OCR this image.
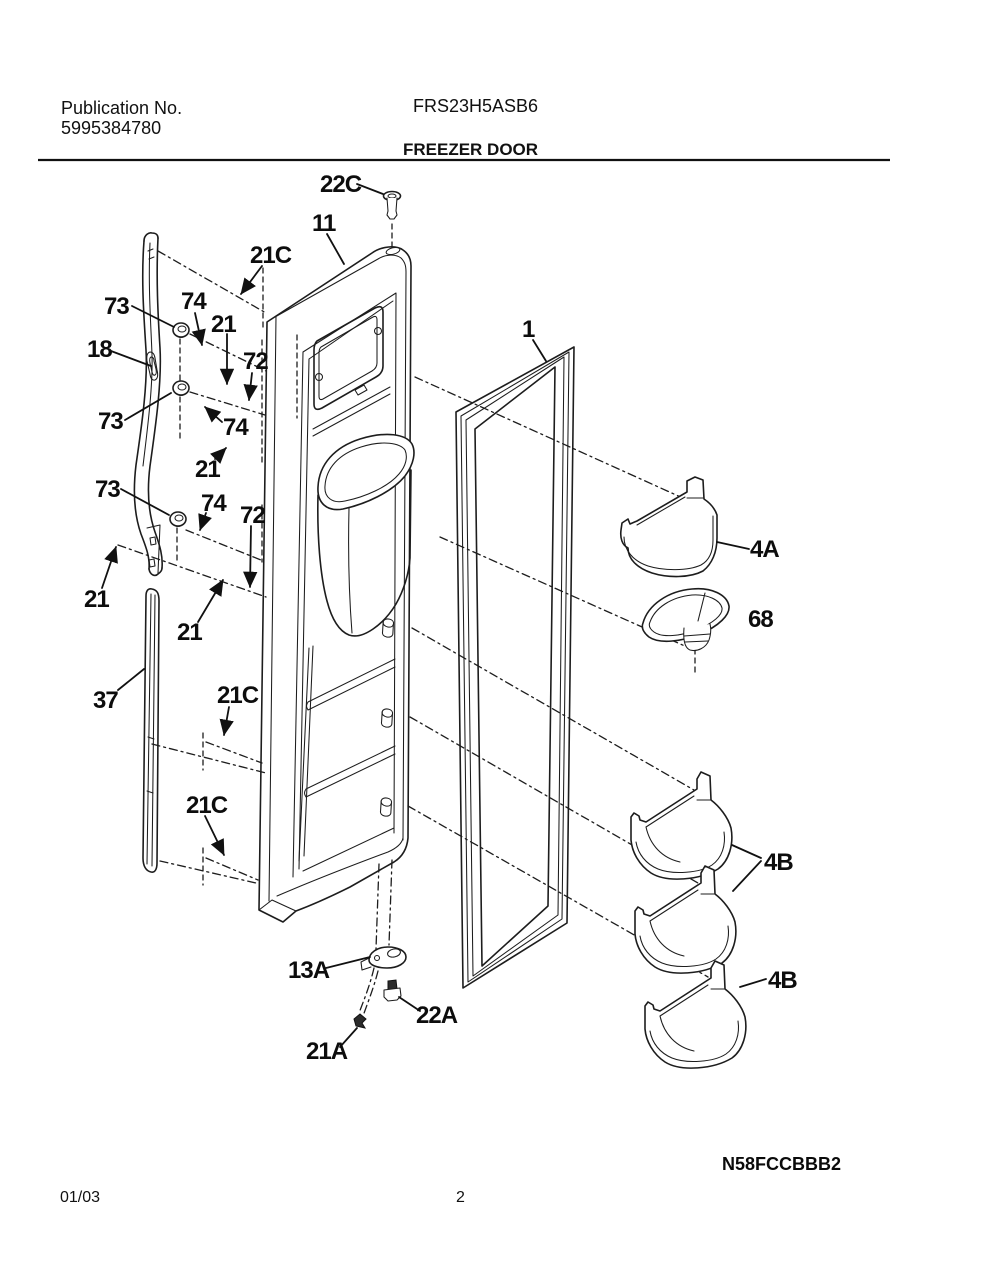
Publication No.
5995384780
FRS23H5ASB6
FREEZER DOOR
22C
11
21C
73 74
21
18	72
73	74
21
73
74 72
21
21
37	21C
21C
13A
22A
21A
1
4A
68
4B
4B
N58FCCBBB2
01/03	2
